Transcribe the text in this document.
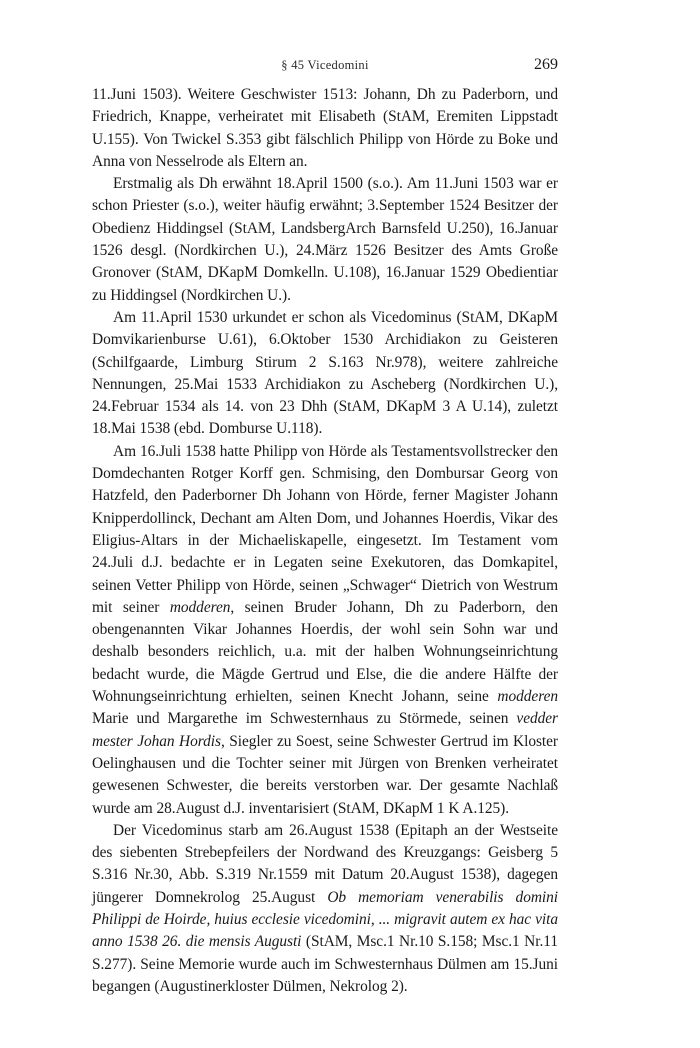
§ 45 Vicedomini	269

11.Juni 1503). Weitere Geschwister 1513: Johann, Dh zu Paderborn, und Friedrich, Knappe, verheiratet mit Elisabeth (StAM, Eremiten Lippstadt U.155). Von Twickel S.353 gibt fälschlich Philipp von Hörde zu Boke und Anna von Nesselrode als Eltern an.

Erstmalig als Dh erwähnt 18.April 1500 (s.o.). Am 11.Juni 1503 war er schon Priester (s.o.), weiter häufig erwähnt; 3.September 1524 Besitzer der Obedienz Hiddingsel (StAM, LandsbergArch Barnsfeld U.250), 16.Januar 1526 desgl. (Nordkirchen U.), 24.März 1526 Besitzer des Amts Große Gronover (StAM, DKapM Domkelln. U.108), 16.Januar 1529 Obedientiar zu Hiddingsel (Nordkirchen U.).

Am 11.April 1530 urkundet er schon als Vicedominus (StAM, DKapM Domvikarienburse U.61), 6.Oktober 1530 Archidiakon zu Geisteren (Schilfgaarde, Limburg Stirum 2 S.163 Nr.978), weitere zahlreiche Nennungen, 25.Mai 1533 Archidiakon zu Ascheberg (Nordkirchen U.), 24.Februar 1534 als 14. von 23 Dhh (StAM, DKapM 3 A U.14), zuletzt 18.Mai 1538 (ebd. Domburse U.118).

Am 16.Juli 1538 hatte Philipp von Hörde als Testamentsvollstrecker den Domdechanten Rotger Korff gen. Schmising, den Dombursar Georg von Hatzfeld, den Paderborner Dh Johann von Hörde, ferner Magister Johann Knipperdollinck, Dechant am Alten Dom, und Johannes Hoerdis, Vikar des Eligius-Altars in der Michaeliskapelle, eingesetzt. Im Testament vom 24.Juli d.J. bedachte er in Legaten seine Exekutoren, das Domkapitel, seinen Vetter Philipp von Hörde, seinen „Schwager“ Dietrich von Westrum mit seiner modderen, seinen Bruder Johann, Dh zu Paderborn, den obengenannten Vikar Johannes Hoerdis, der wohl sein Sohn war und deshalb besonders reichlich, u.a. mit der halben Wohnungseinrichtung bedacht wurde, die Mägde Gertrud und Else, die die andere Hälfte der Wohnungseinrichtung erhielten, seinen Knecht Johann, seine modderen Marie und Margarethe im Schwesternhaus zu Störmede, seinen vedder mester Johan Hordis, Siegler zu Soest, seine Schwester Gertrud im Kloster Oelinghausen und die Tochter seiner mit Jürgen von Brenken verheiratet gewesenen Schwester, die bereits verstorben war. Der gesamte Nachlaß wurde am 28.August d.J. inventarisiert (StAM, DKapM 1 K A.125).

Der Vicedominus starb am 26.August 1538 (Epitaph an der Westseite des siebenten Strebepfeilers der Nordwand des Kreuzgangs: Geisberg 5 S.316 Nr.30, Abb. S.319 Nr.1559 mit Datum 20.August 1538), dagegen jüngerer Domnekrolog 25.August Ob memoriam venerabilis domini Philippi de Hoirde, huius ecclesie vicedomini, ... migravit autem ex hac vita anno 1538 26. die mensis Augusti (StAM, Msc.1 Nr.10 S.158; Msc.1 Nr.11 S.277). Seine Memorie wurde auch im Schwesternhaus Dülmen am 15.Juni begangen (Augustinerkloster Dülmen, Nekrolog 2).
